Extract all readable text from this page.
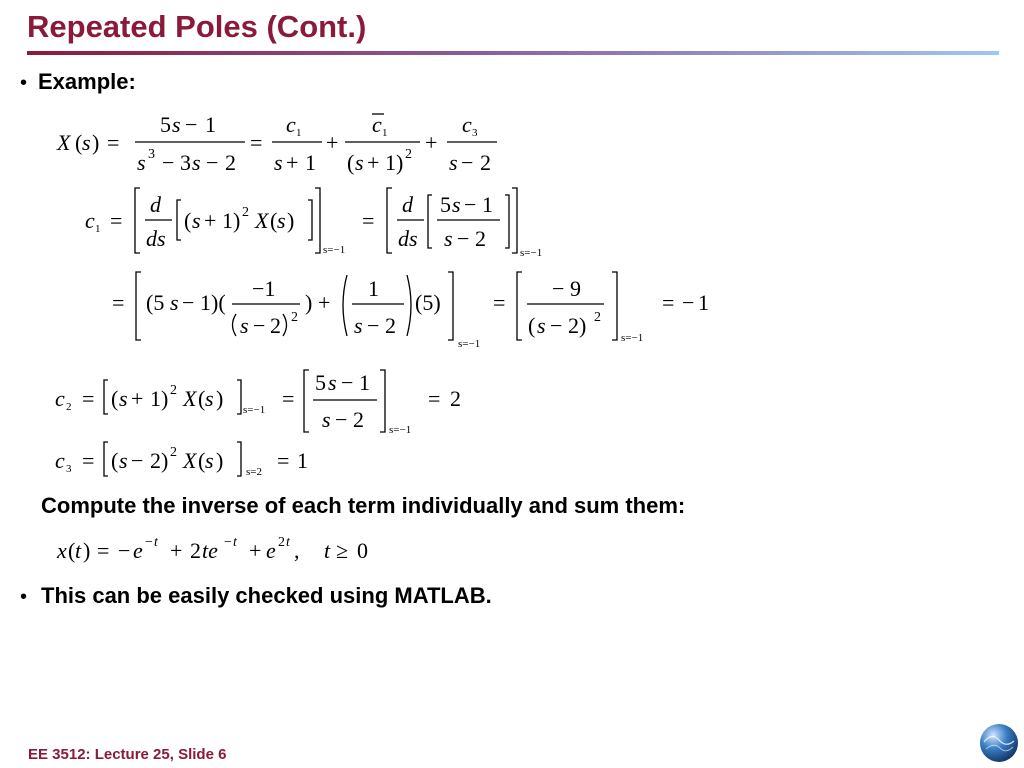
Repeated Poles (Cont.)
• Example:
X ( s ) =
5 s − 1
s 3 − 3 s − 2
=
c 1
s + 1
+
c 1
( s + 1) 2 +
c 3
s − 2
c 1 =
d
ds
( s + 1) 2 X ( s )
s=−1
=
d
ds
5 s − 1
s − 2
s=−1
= (5 s − 1)(
−1
s − 2 2
) +
1
s − 2
(5)
s=−1
=
− 9
( s − 2) 2
s=−1
= − 1
c 2 = ( s + 1) 2 X ( s ) s=−1 =
5 s − 1
s − 2 s=−1
= 2
c 3 = ( s − 2) 2 X ( s ) s=2 = 1
x ( t ) = − e − t + 2 te − t + e 2 t , t ≥ 0
Compute the inverse of each term individually and sum them:
• This can be easily checked using MATLAB.
EE 3512: Lecture 25, Slide 6
